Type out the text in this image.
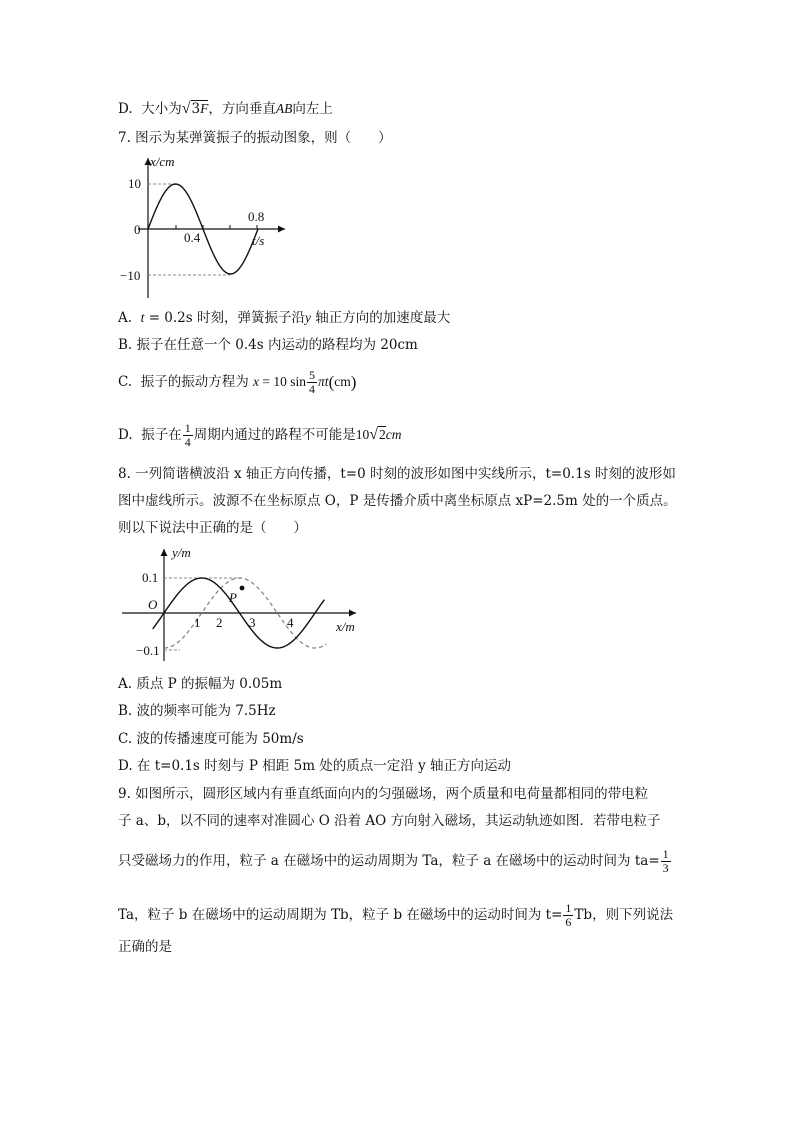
D. 大小为√3F，方向垂直AB向左上
7. 图示为某弹簧振子的振动图象，则（　　）
x/cm
t/s
10
0
−10
0.4
0.8
A. t = 0.2s 时刻，弹簧振子沿y 轴正方向的加速度最大
B. 振子在任意一个 0.4s 内运动的路程均为 20cm
C. 振子的振动方程为 x = 10 $\sin \frac{5}{4} \pi t(cm)$
D. 振子在 $\frac{1}{4}$ 周期内通过的路程不可能是10√2cm
8. 一列简谐横波沿 x 轴正方向传播，t=0 时刻的波形如图中实线所示，t=0.1s 时刻的波形如
图中虚线所示。波源不在坐标原点 O，P 是传播介质中离坐标原点 xP=2.5m 处的一个质点。
则以下说法中正确的是（　　）
y/m
x/m
O	P
0.1
−0.1
1 2 3 4
A. 质点 P 的振幅为 0.05m
B. 波的频率可能为 7.5Hz
C. 波的传播速度可能为 50m/s
D. 在 t=0.1s 时刻与 P 相距 5m 处的质点一定沿 y 轴正方向运动
9. 如图所示，圆形区域内有垂直纸面向内的匀强磁场，两个质量和电荷量都相同的带电粒
子 a、b，以不同的速率对准圆心 O 沿着 AO 方向射入磁场，其运动轨迹如图．若带电粒子
只受磁场力的作用，粒子 a 在磁场中的运动周期为 Ta，粒子 a 在磁场中的运动时间为 $ta= \frac{1}{3}$
Ta，粒子 b 在磁场中的运动周期为 Tb，粒子 b 在磁场中的运动时间为 $t= \frac{1}{6}$ Tb，则下列说法
正确的是
